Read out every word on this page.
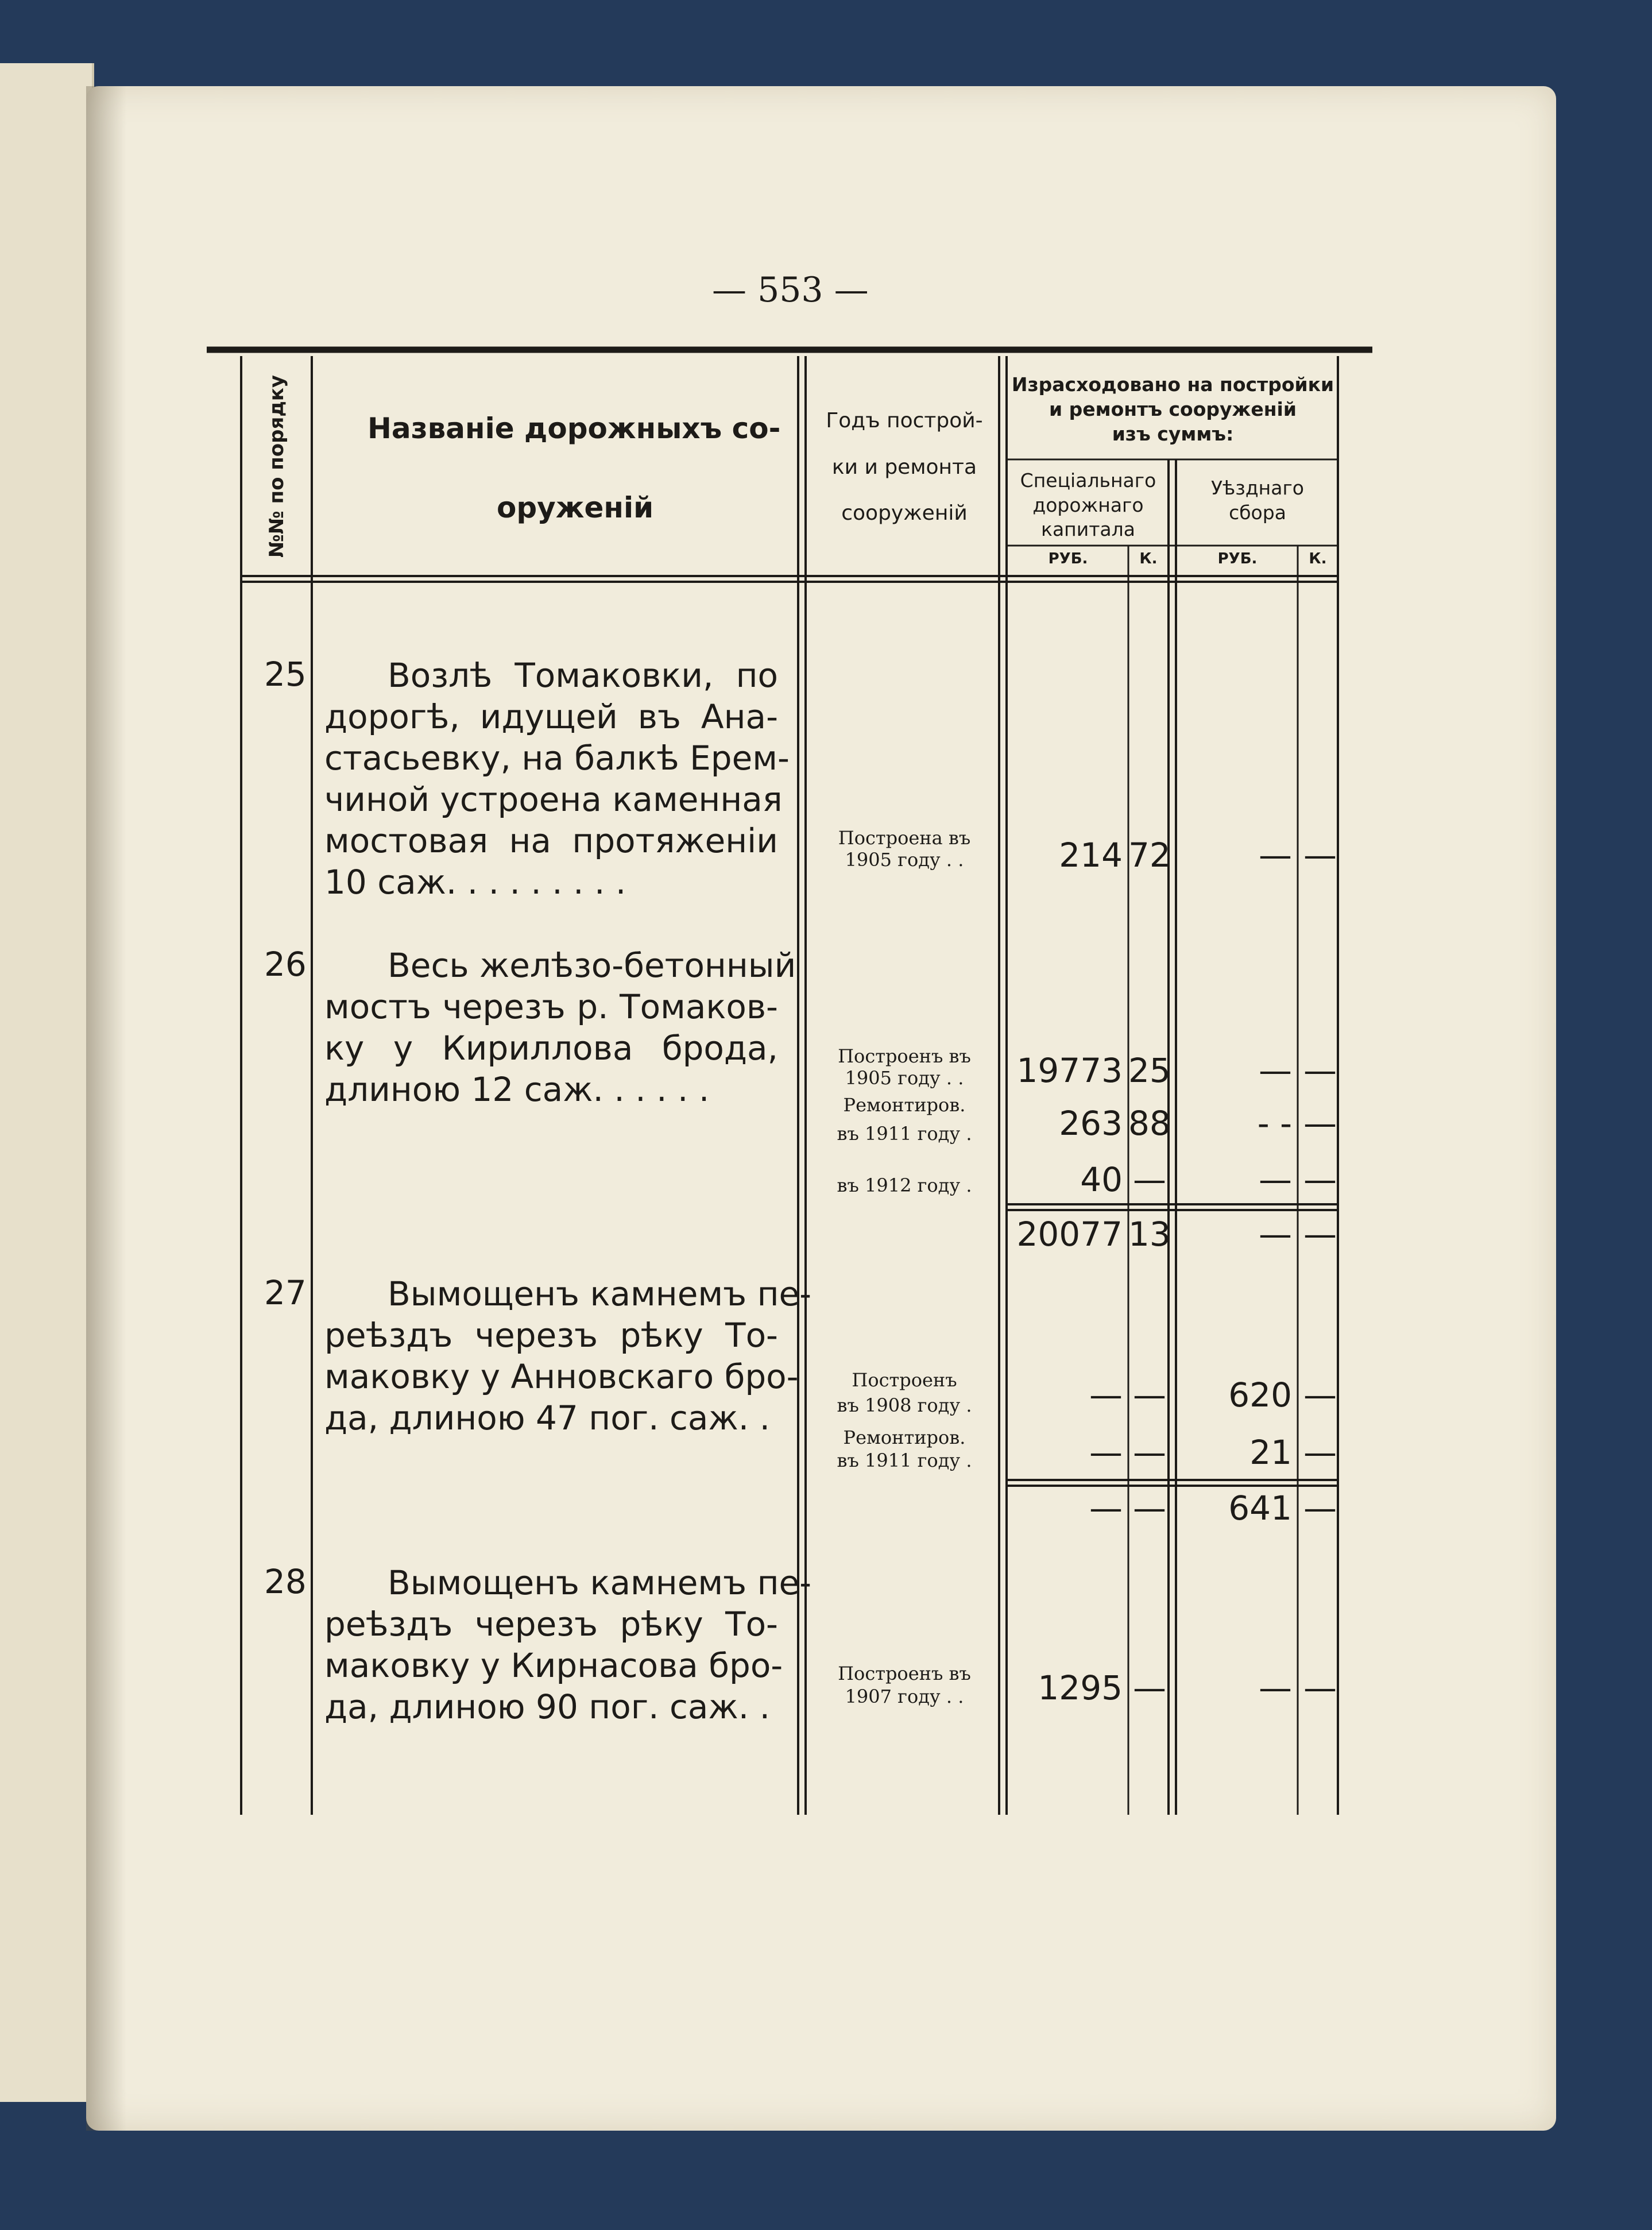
— 553 —
№№ по порядку	Названіе дорожныхъ со-
оруженій
Годъ построй-
ки и ремонта
сооруженій
Израсходовано на постройки
и ремонтъ сооруженій
изъ суммъ:
Спеціальнаго
дорожнаго
капитала
Уѣзднаго
сбора
РУБ.	К.	РУБ.	К.
25 Возлѣ Томаковки, по
дорогѣ, идущей въ Ана-
стасьевку, на балкѣ Ерем-
чиной устроена каменная
мостовая на протяженіи
10 саж. . . . . . . . .
Построена въ
1905 году . .	214 72	— —
26 Весь желѣзо-бетонный
мостъ черезъ р. Томаков-
ку у Кириллова брода,
длиною 12 саж. . . . . .
Построенъ въ
1905 году . .	19773 25	— —
Ремонтиров.
въ 1911 году .	263 88	- - —
въ 1912 году .	40 —	— —
20077 13	— —
27 Вымощенъ камнемъ пе-
реѣздъ черезъ рѣку То-
маковку у Анновскаго бро-
да, длиною 47 пог. саж. .
Построенъ
въ 1908 году .	— —	620 —
Ремонтиров.
въ 1911 году .	— —	21 —
— —	641 —
28 Вымощенъ камнемъ пе-
реѣздъ черезъ рѣку То-
маковку у Кирнасова бро-
да, длиною 90 пог. саж. .
Построенъ въ
1907 году . .	1295 —	— —
